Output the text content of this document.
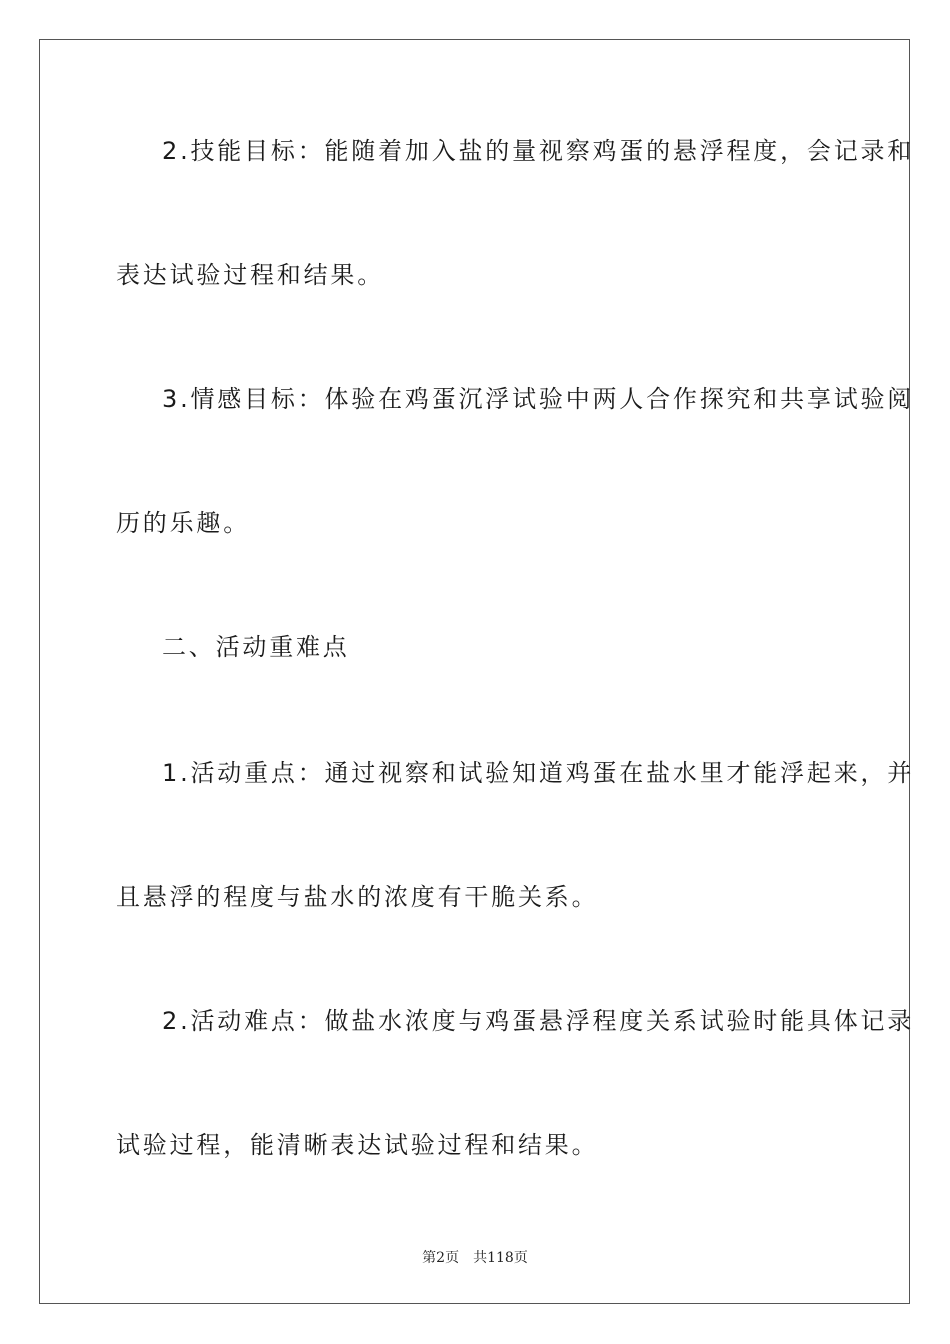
2.技能目标：能随着加入盐的量视察鸡蛋的悬浮程度，会记录和
表达试验过程和结果。
3.情感目标：体验在鸡蛋沉浮试验中两人合作探究和共享试验阅
历的乐趣。
二、活动重难点
1.活动重点：通过视察和试验知道鸡蛋在盐水里才能浮起来，并
且悬浮的程度与盐水的浓度有干脆关系。
2.活动难点：做盐水浓度与鸡蛋悬浮程度关系试验时能具体记录
试验过程，能清晰表达试验过程和结果。
第2页 共118页
